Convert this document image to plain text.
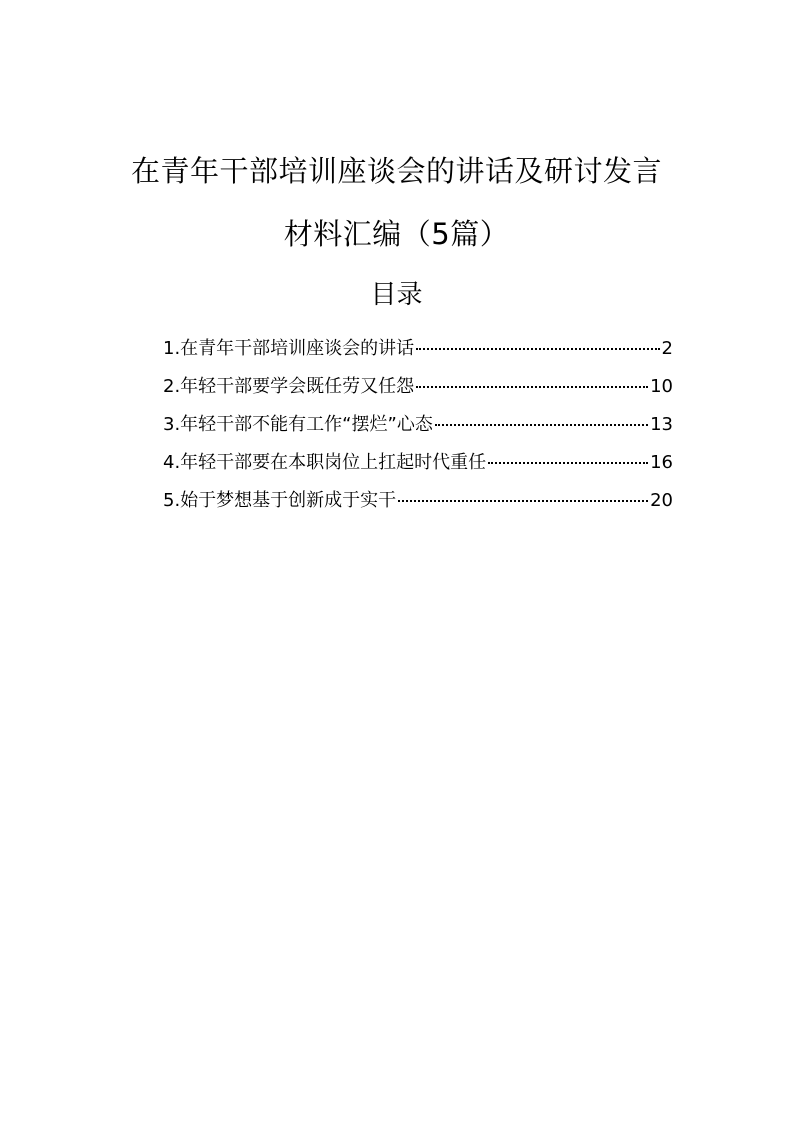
在青年干部培训座谈会的讲话及研讨发言
材料汇编（5篇）
目录
1.在青年干部培训座谈会的讲话	2
2.年轻干部要学会既任劳又任怨	10
3.年轻干部不能有工作“摆烂”心态	13
4.年轻干部要在本职岗位上扛起时代重任	16
5.始于梦想基于创新成于实干	20
